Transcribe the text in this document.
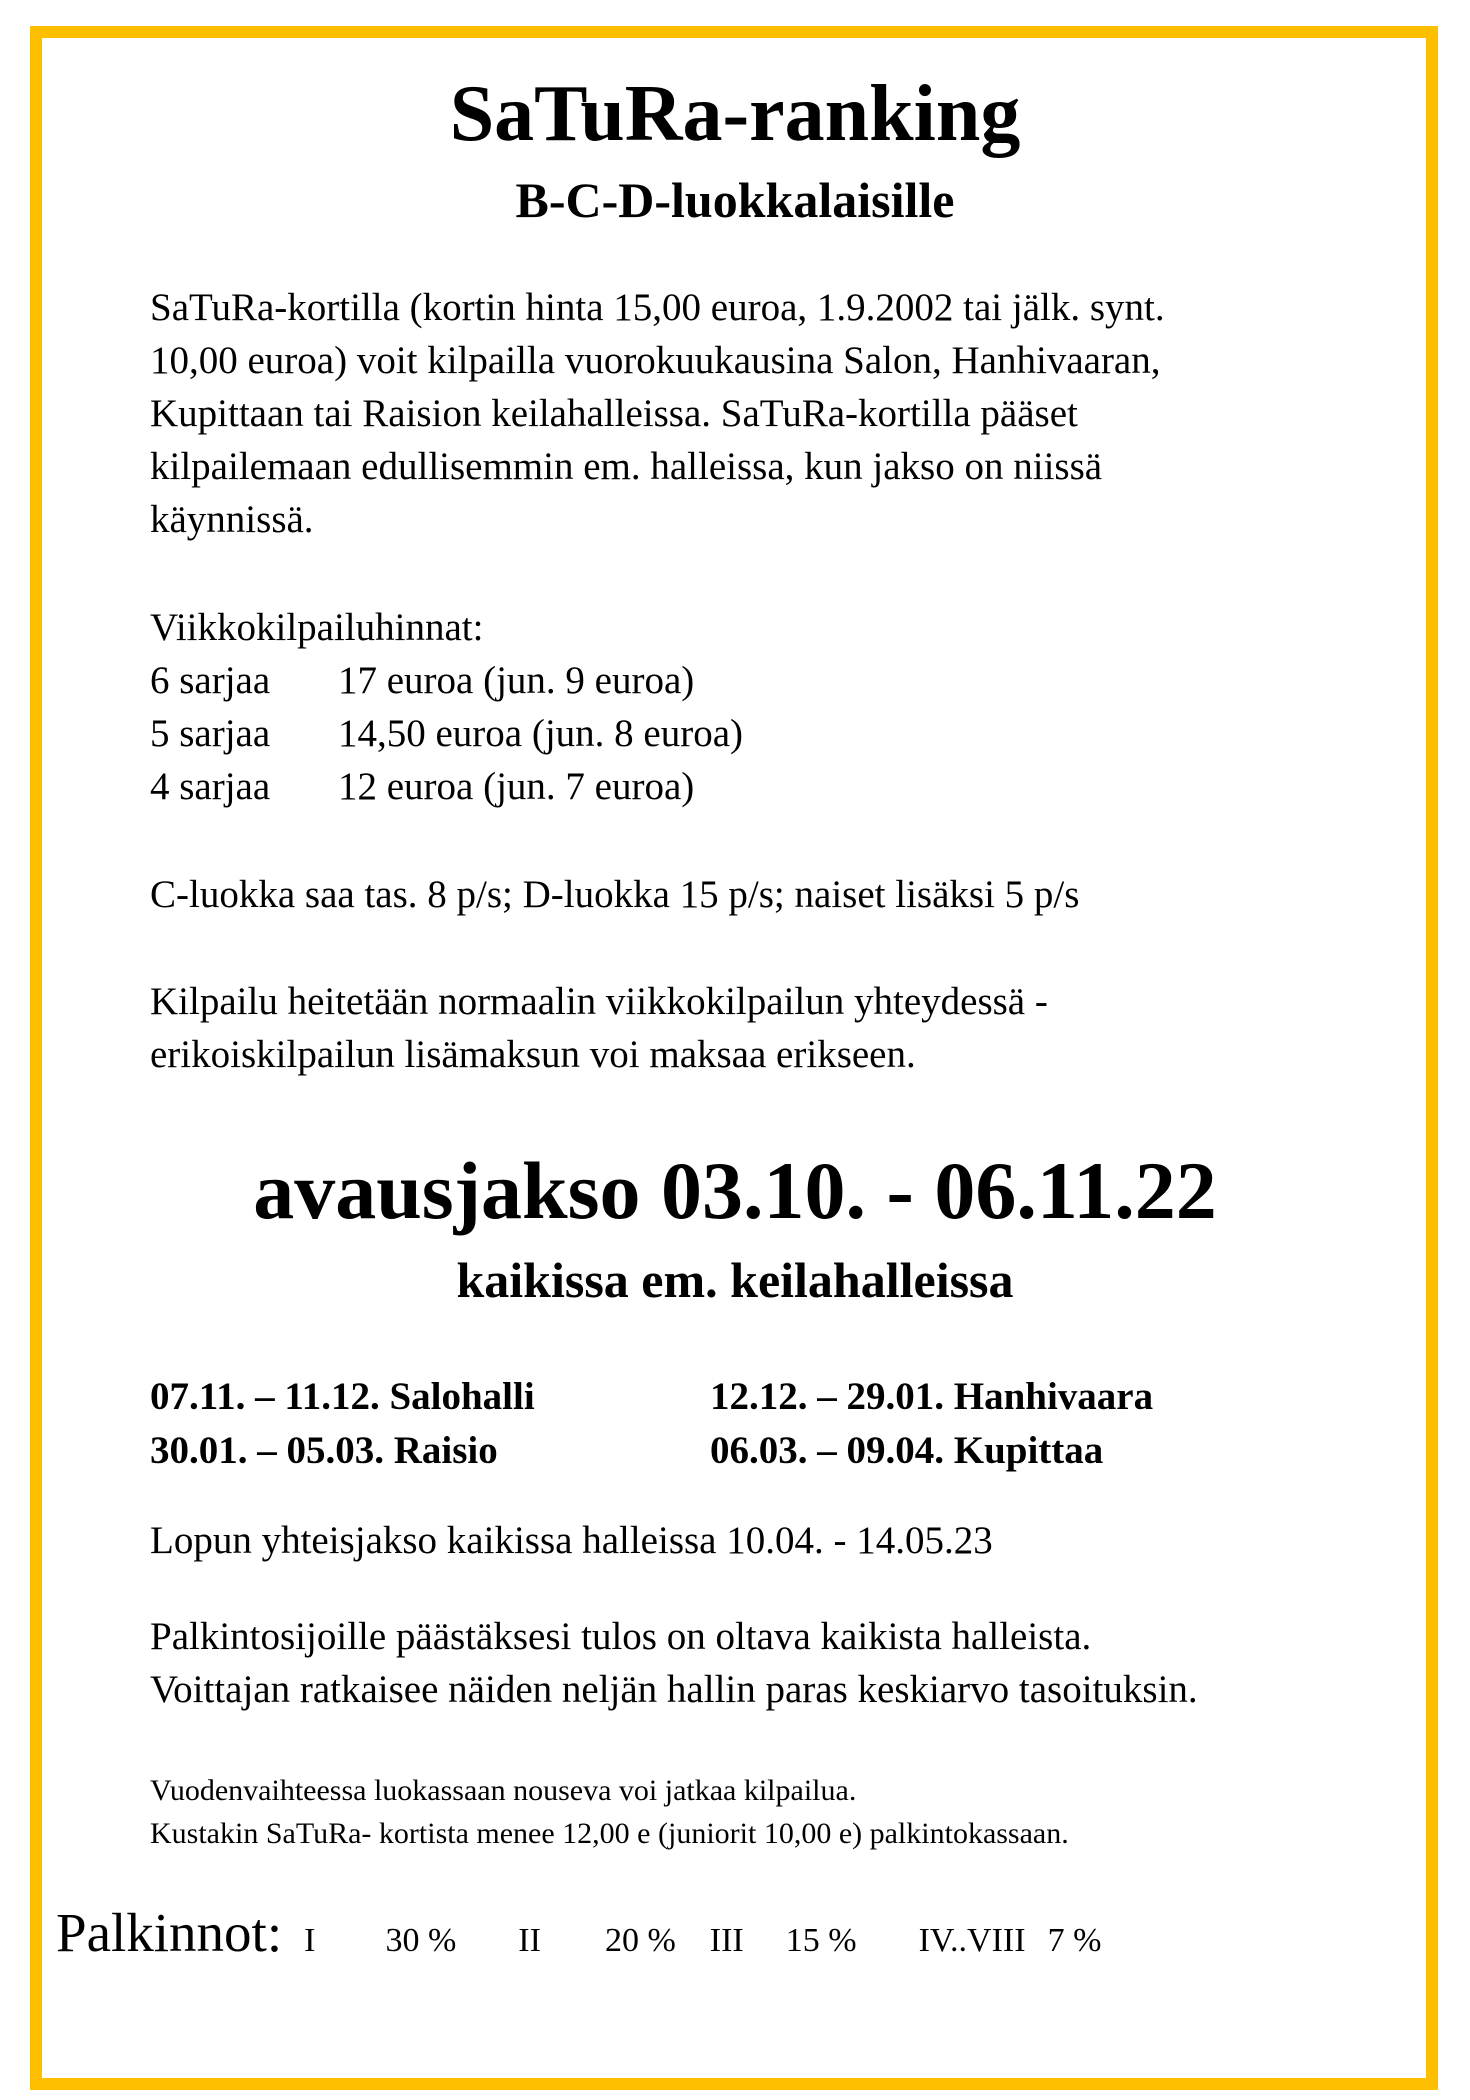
SaTuRa-ranking
B-C-D-luokkalaisille
SaTuRa-kortilla (kortin hinta 15,00 euroa, 1.9.2002 tai jälk. synt.
10,00 euroa) voit kilpailla vuorokuukausina Salon, Hanhivaaran,
Kupittaan tai Raision keilahalleissa. SaTuRa-kortilla pääset
kilpailemaan edullisemmin em. halleissa, kun jakso on niissä
käynnissä.
Viikkokilpailuhinnat:
6 sarjaa	17 euroa (jun. 9 euroa)
5 sarjaa	14,50 euroa (jun. 8 euroa)
4 sarjaa	12 euroa (jun. 7 euroa)
C-luokka saa tas. 8 p/s; D-luokka 15 p/s; naiset lisäksi 5 p/s
Kilpailu heitetään normaalin viikkokilpailun yhteydessä -
erikoiskilpailun lisämaksun voi maksaa erikseen.
avausjakso 03.10. - 06.11.22
kaikissa em. keilahalleissa
07.11. – 11.12. Salohalli	12.12. – 29.01. Hanhivaara
30.01. – 05.03. Raisio	06.03. – 09.04. Kupittaa
Lopun yhteisjakso kaikissa halleissa 10.04. - 14.05.23
Palkintosijoille päästäksesi tulos on oltava kaikista halleista.
Voittajan ratkaisee näiden neljän hallin paras keskiarvo tasoituksin.
Vuodenvaihteessa luokassaan nouseva voi jatkaa kilpailua.
Kustakin SaTuRa- kortista menee 12,00 e (juniorit 10,00 e) palkintokassaan.
Palkinnot: I 30 % II 20 % III 15 % IV..VIII 7 %
